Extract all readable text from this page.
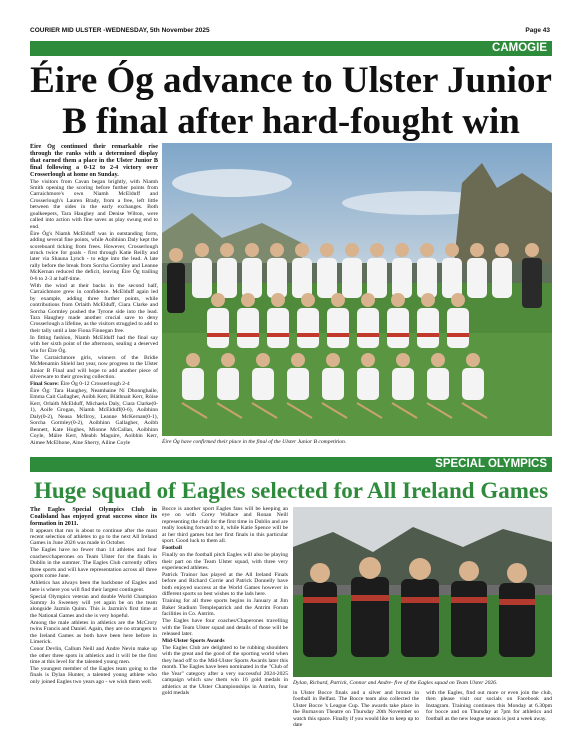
COURIER MID ULSTER -WEDNESDAY, 5th November 2025	Page 43
CAMOGIE
Éire Óg advance to Ulster Junior
B final after hard-fought win

Éire Óg continued their remarkable rise through the ranks with a determined display that earned them a place in the Ulster Junior B final following a 0-12 to 2-4 victory over Crosserlough at home on Sunday.

The visitors from Cavan began brightly, with Niamh Smith opening the scoring before further points from Carraichmore's own Niamh McElduff and Crosserlough's Lauren Brady, from a free, left little between the sides in the early exchanges. Both goalkeepers, Tara Haughey and Denise Wilton, were called into action with fine saves as play swung end to end.

Éire Óg's Niamh McElduff was in outstanding form, adding several fine points, while Aoibhinn Daly kept the scoreboard ticking from frees. However, Crosserlough struck twice for goals - first through Katie Reilly and later via Shauna Lynch - to edge into the lead. A late rally before the break from Sorcha Gormley and Leanne McKernan reduced the deficit, leaving Éire Óg trailing 0-6 to 2-3 at half-time.

With the wind at their backs in the second half, Carraichmore grew in confidence. McElduff again led by example, adding three further points, while contributions from Orlaith McElduff, Ciara Clarke and Sorcha Gormley pushed the Tyrone side into the lead. Tara Haughey made another crucial save to deny Crosserlough a lifeline, as the visitors struggled to add to their tally until a late Fiona Finnegan free.

In fitting fashion, Niamh McElduff had the final say with her sixth point of the afternoon, sealing a deserved win for Éire Óg.

The Carraichmore girls, winners of the Bridie McMenamin Shield last year, now progress to the Ulster Junior B Final and will hope to add another piece of silverware to their growing collection.

Final Score: Éire Óg 0-12 Crosserlough 2-4

Éire Óg: Tara Haughey, Neamhaine Ní Dhonnghaile, Emma Cait Gallagher, Aoibh Kerr, Bláthnait Kerr, Róise Kerr, Orlaith McElduff, Michaela Daly, Ciara Clarke(0-1), Aoife Grogan, Niamh McElduff(0-6), Aoibhinn Daly(0-2), Neasa McIlroy, Leanne McKernan(0-1), Sorcha Gormley(0-2), Aoibhinn Gallagher, Aoibh Bennett, Kate Hughes, Mionne McCallan, Aoibhinn Coyle, Máire Kerr, Meabh Maguire, Aoibhin Kerr, Aimee McElhone, Aine Sherry, Ailine Coyle	Éire Óg have confirmed their place in the final of the Ulster Junior B competition.
SPECIAL OLYMPICS
Huge squad of Eagles selected for All Ireland Games

The Eagles Special Olympics Club in Coalisland has enjoyed great success since its formation in 2011.

It appears that run is about to continue after the most recent selection of athletes to go to the next All Ireland Games in June 2026 was made in October.

The Eagles have no fewer than 14 athletes and four coaches/chaperones on Team Ulster for the finals in Dublin in the summer. The Eagles Club currently offers three sports and will have representation across all three sports come June.

Athletics has always been the backbone of Eagles and here is where you will find their largest contingent.

Special Olympics veteran and double World Champion Sammy Jo Sweeney will yet again be on the team alongside Jazmin Quinn. This is Jazmin's first time at the National Games and she is very hopeful.

Among the male athletes in athletics are the McCrory twins Francis and Daniel. Again, they are no strangers to the Ireland Games as both have been here before in Limerick.

Conor Devlin, Callum Neill and Andre Nevin make up the other three spots in athletics and it will be the first time at this level for the talented young men.

The youngest member of the Eagles team going to the finals is Dylan Hunter, a talented young athlete who only joined Eagles two years ago - we wish them well.

Bocce is another sport Eagles fans will be keeping an eye on with Corey Wallace and Ronan Neill representing the club for the first time in Dublin and are really looking forward to it, while Katie Spence will be at her third games but her first finals in this particular sport. Good luck to them all.

Football

Finally on the football pitch Eagles will also be playing their part on the Team Ulster squad, with three very experienced athletes.

Patrick Trainor has played at the All Ireland Finals before and Richard Corrie and Patrick Donnelly have both enjoyed success at the World Games however in different sports so best wishes to the lads here.

Training for all three sports begins in January at Jim Baker Stadium Templepatrick and the Antrim Forum facilities in Co. Antrim.

The Eagles have four coaches/Chaperones travelling with the Team Ulster squad and details of those will be released later.

Mid-Ulster Sports Awards

The Eagles Club are delighted to be rubbing shoulders with the great and the good of the sporting world when they head off to the Mid-Ulster Sports Awards later this month. The Eagles have been nominated in the "Club of the Year" category after a very successful 2024-2025 campaign which saw them win 16 gold medals in athletics at the Ulster Championships in Antrim, four gold medals

Dylan, Richard, Patrick, Connor and Andre- five of the Eagles squad on Team Ulster 2026.
in Ulster Bocce finals and a silver and bronze in football in Belfast. The Bocce team also collected the Ulster Bocce 's League Cup. The awards take place in the Burnavon Theatre on Thursday 20th November so watch this space. Finally if you would like to keep up to date
with the Eagles, find out more or even join the club, then please visit our socials on Facebook and Instagram. Training continues this Monday at 6.30pm for bocce and on Thursday at 7pm for athletics and football as the new league season is just a week away.
